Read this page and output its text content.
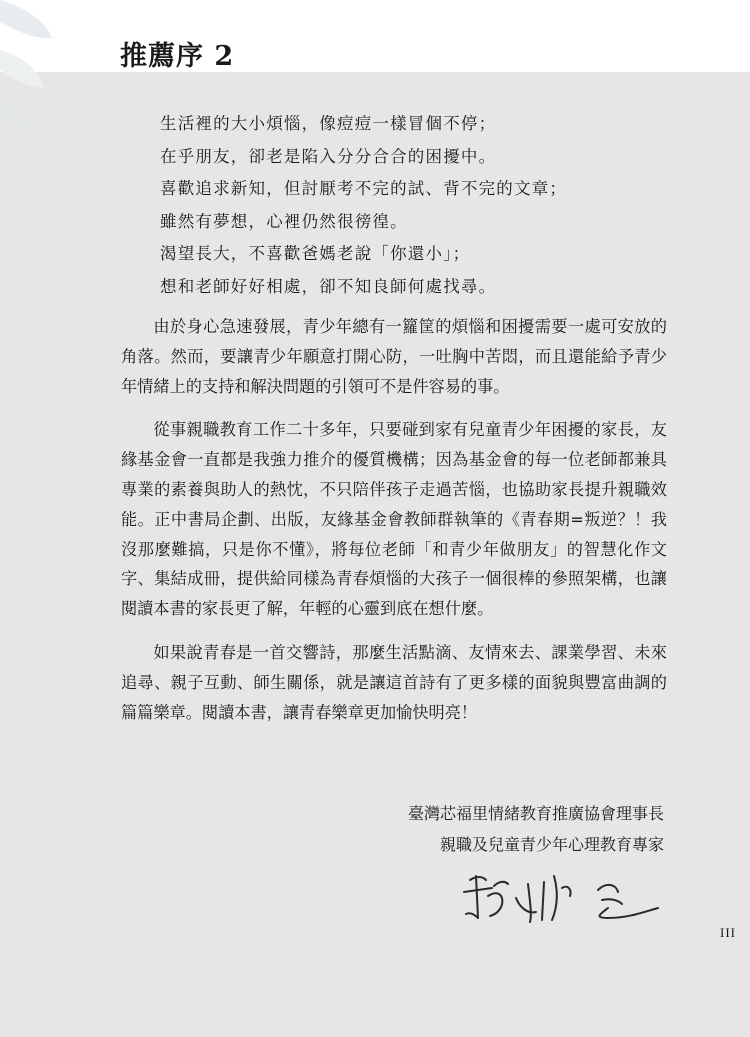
推薦序 2
生活裡的大小煩惱，像痘痘一樣冒個不停；
在乎朋友，卻老是陷入分分合合的困擾中。
喜歡追求新知，但討厭考不完的試、背不完的文章；
雖然有夢想，心裡仍然很徬徨。
渴望長大，不喜歡爸媽老說「你還小」；
想和老師好好相處，卻不知良師何處找尋。

由於身心急速發展，青少年總有一籮筐的煩惱和困擾需要一處可安放的角落。然而，要讓青少年願意打開心防，一吐胸中苦悶，而且還能給予青少年情緒上的支持和解決問題的引領可不是件容易的事。

從事親職教育工作二十多年，只要碰到家有兒童青少年困擾的家長，友緣基金會一直都是我強力推介的優質機構；因為基金會的每一位老師都兼具專業的素養與助人的熱忱，不只陪伴孩子走過苦惱，也協助家長提升親職效能。正中書局企劃、出版，友緣基金會教師群執筆的《青春期=叛逆？！我沒那麼難搞，只是你不懂》，將每位老師「和青少年做朋友」的智慧化作文字、集結成冊，提供給同樣為青春煩惱的大孩子一個很棒的參照架構，也讓閱讀本書的家長更了解，年輕的心靈到底在想什麼。

如果說青春是一首交響詩，那麼生活點滴、友情來去、課業學習、未來追尋、親子互動、師生關係，就是讓這首詩有了更多樣的面貌與豐富曲調的篇篇樂章。閱讀本書，讓青春樂章更加愉快明亮！

臺灣芯福里情緒教育推廣協會理事長
親職及兒童青少年心理教育專家
III
